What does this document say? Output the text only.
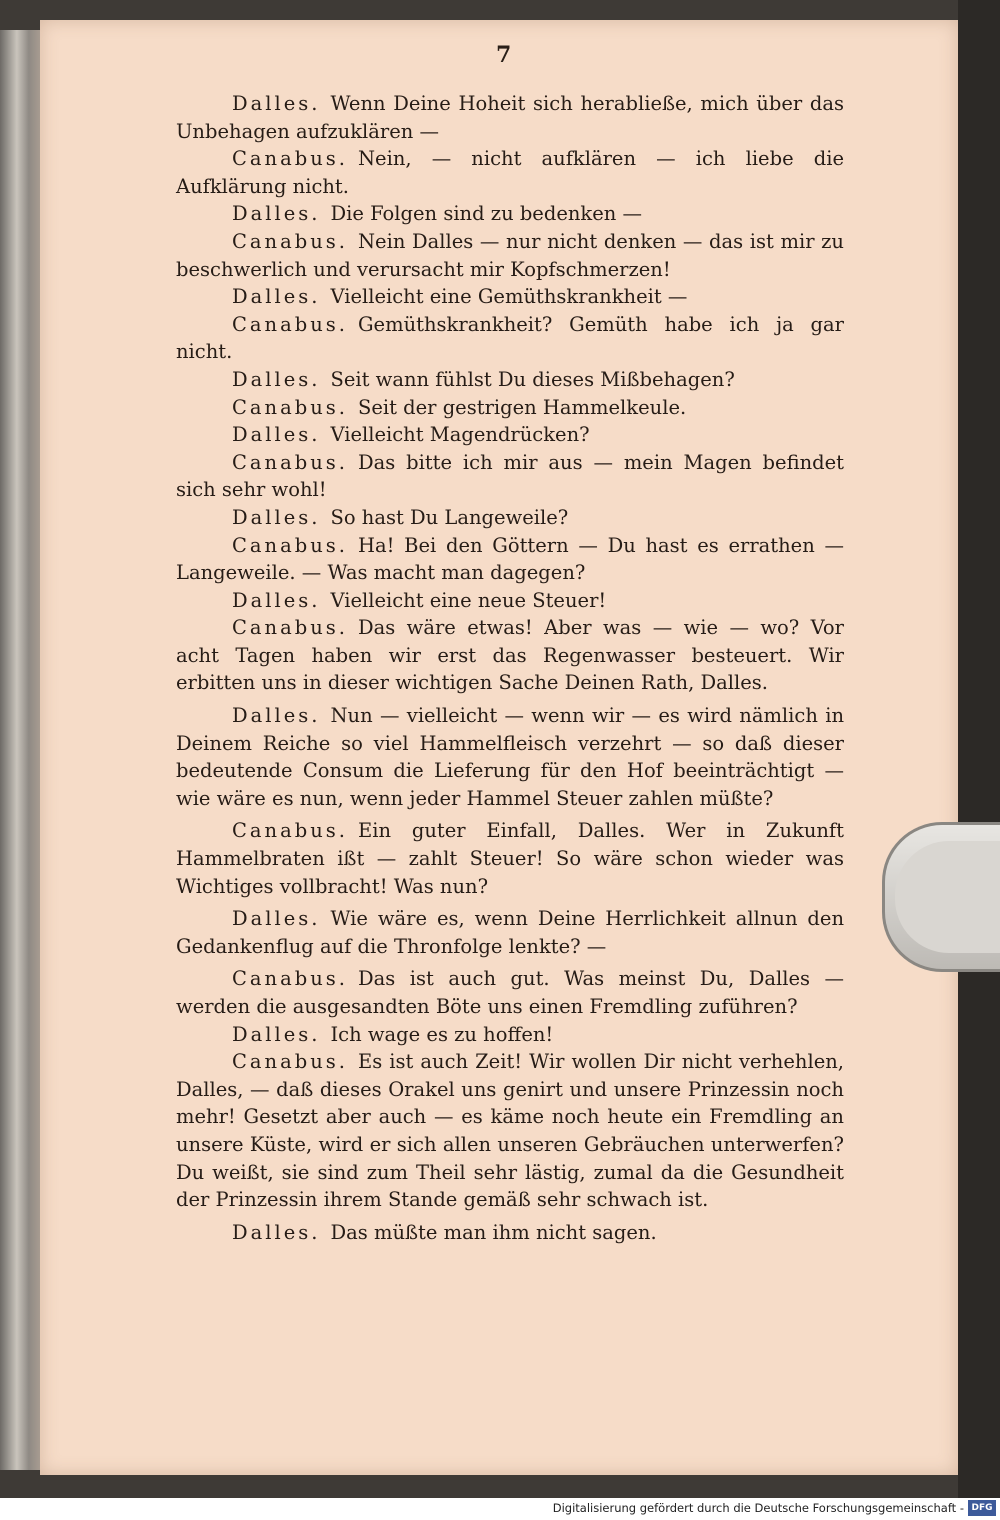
7

Dalles. Wenn Deine Hoheit sich herabließe, mich über das Unbehagen aufzuklären —

Canabus. Nein, — nicht aufklären — ich liebe die Aufklärung nicht.

Dalles. Die Folgen sind zu bedenken —

Canabus. Nein Dalles — nur nicht denken — das ist mir zu beschwerlich und verursacht mir Kopfschmerzen!

Dalles. Vielleicht eine Gemüthskrankheit —

Canabus. Gemüthskrankheit? Gemüth habe ich ja gar nicht.

Dalles. Seit wann fühlst Du dieses Mißbehagen?

Canabus. Seit der gestrigen Hammelkeule.

Dalles. Vielleicht Magendrücken?

Canabus. Das bitte ich mir aus — mein Magen befindet sich sehr wohl!

Dalles. So hast Du Langeweile?

Canabus. Ha! Bei den Göttern — Du hast es errathen — Langeweile. — Was macht man dagegen?

Dalles. Vielleicht eine neue Steuer!

Canabus. Das wäre etwas! Aber was — wie — wo? Vor acht Tagen haben wir erst das Regenwasser besteuert. Wir erbitten uns in dieser wichtigen Sache Deinen Rath, Dalles.

Dalles. Nun — vielleicht — wenn wir — es wird nämlich in Deinem Reiche so viel Hammelfleisch verzehrt — so daß dieser bedeutende Consum die Lieferung für den Hof beeinträchtigt — wie wäre es nun, wenn jeder Hammel Steuer zahlen müßte?

Canabus. Ein guter Einfall, Dalles. Wer in Zukunft Hammelbraten ißt — zahlt Steuer! So wäre schon wieder was Wichtiges vollbracht! Was nun?

Dalles. Wie wäre es, wenn Deine Herrlichkeit allnun den Gedankenflug auf die Thronfolge lenkte? —

Canabus. Das ist auch gut. Was meinst Du, Dalles — werden die ausgesandten Böte uns einen Fremdling zuführen?

Dalles. Ich wage es zu hoffen!

Canabus. Es ist auch Zeit! Wir wollen Dir nicht verhehlen, Dalles, — daß dieses Orakel uns genirt und unsere Prinzessin noch mehr! Gesetzt aber auch — es käme noch heute ein Fremdling an unsere Küste, wird er sich allen unseren Gebräuchen unterwerfen? Du weißt, sie sind zum Theil sehr lästig, zumal da die Gesundheit der Prinzessin ihrem Stande gemäß sehr schwach ist.

Dalles. Das müßte man ihm nicht sagen.

Digitalisierung gefördert durch die Deutsche Forschungsgemeinschaft - DFG
